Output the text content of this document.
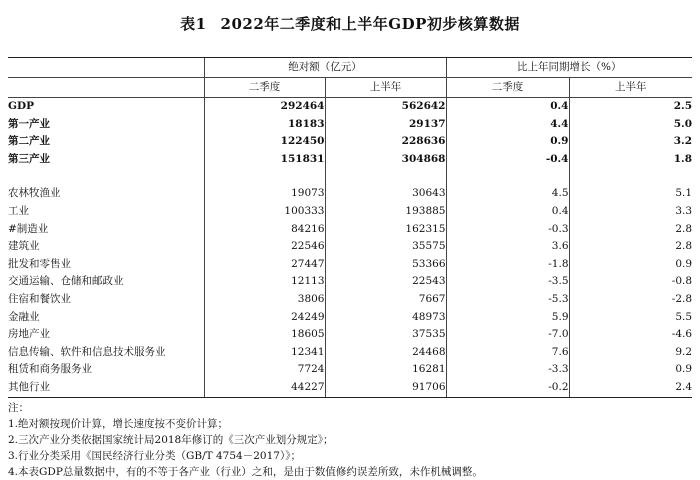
表1 2022年二季度和上半年GDP初步核算数据
	绝对额（亿元）		比上年同期增长（%）	
	二季度	上半年	二季度	上半年
GDP	292464	562642	0.4	2.5
第一产业	18183	29137	4.4	5.0
第二产业	122450	228636	0.9	3.2
第三产业	151831	304868	-0.4	1.8

农林牧渔业	19073	30643	4.5	5.1
工业	100333	193885	0.4	3.3
#制造业	84216	162315	-0.3	2.8
建筑业	22546	35575	3.6	2.8
批发和零售业	27447	53366	-1.8	0.9
交通运输、仓储和邮政业	12113	22543	-3.5	-0.8
住宿和餐饮业	3806	7667	-5.3	-2.8
金融业	24249	48973	5.9	5.5
房地产业	18605	37535	-7.0	-4.6
信息传输、软件和信息技术服务业	12341	24468	7.6	9.2
租赁和商务服务业	7724	16281	-3.3	0.9
其他行业	44227	91706	-0.2	2.4
注：
1.绝对额按现价计算，增长速度按不变价计算；
2.三次产业分类依据国家统计局2018年修订的《三次产业划分规定》；
3.行业分类采用《国民经济行业分类（GB/T 4754－2017）》；
4.本表GDP总量数据中，有的不等于各产业（行业）之和，是由于数值修约误差所致，未作机械调整。
